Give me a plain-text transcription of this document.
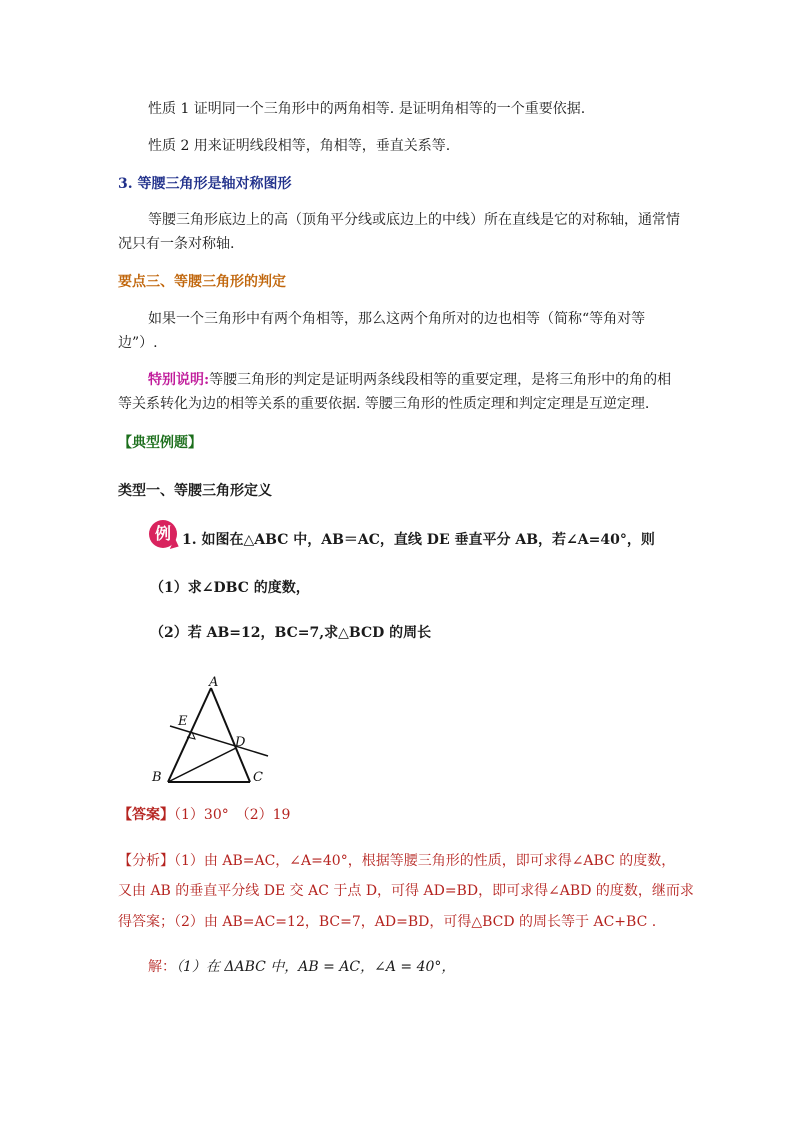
性质 1 证明同一个三角形中的两角相等. 是证明角相等的一个重要依据.
性质 2 用来证明线段相等，角相等，垂直关系等.
3. 等腰三角形是轴对称图形
等腰三角形底边上的高（顶角平分线或底边上的中线）所在直线是它的对称轴，通常情
况只有一条对称轴.
要点三、等腰三角形的判定
如果一个三角形中有两个角相等，那么这两个角所对的边也相等（简称“等角对等
边”）.
特别说明:等腰三角形的判定是证明两条线段相等的重要定理，是将三角形中的角的相
等关系转化为边的相等关系的重要依据. 等腰三角形的性质定理和判定定理是互逆定理.
【典型例题】
类型一、等腰三角形定义
例 1. 如图在△ABC 中，AB＝AC，直线 DE 垂直平分 AB，若∠A=40°，则
（1）求∠DBC 的度数，
（2）若 AB=12，BC=7,求△BCD 的周长
A
E
D
B	C
【答案】（1）30°　（2）19
【分析】（1）由 AB=AC，∠A=40°，根据等腰三角形的性质，即可求得∠ABC 的度数，
又由 AB 的垂直平分线 DE 交 AC 于点 D，可得 AD=BD，即可求得∠ABD 的度数，继而求
得答案；（2）由 AB=AC=12，BC=7，AD=BD，可得△BCD 的周长等于 AC+BC .
解：（1）在 ΔABC 中，AB = AC，∠A = 40°，
